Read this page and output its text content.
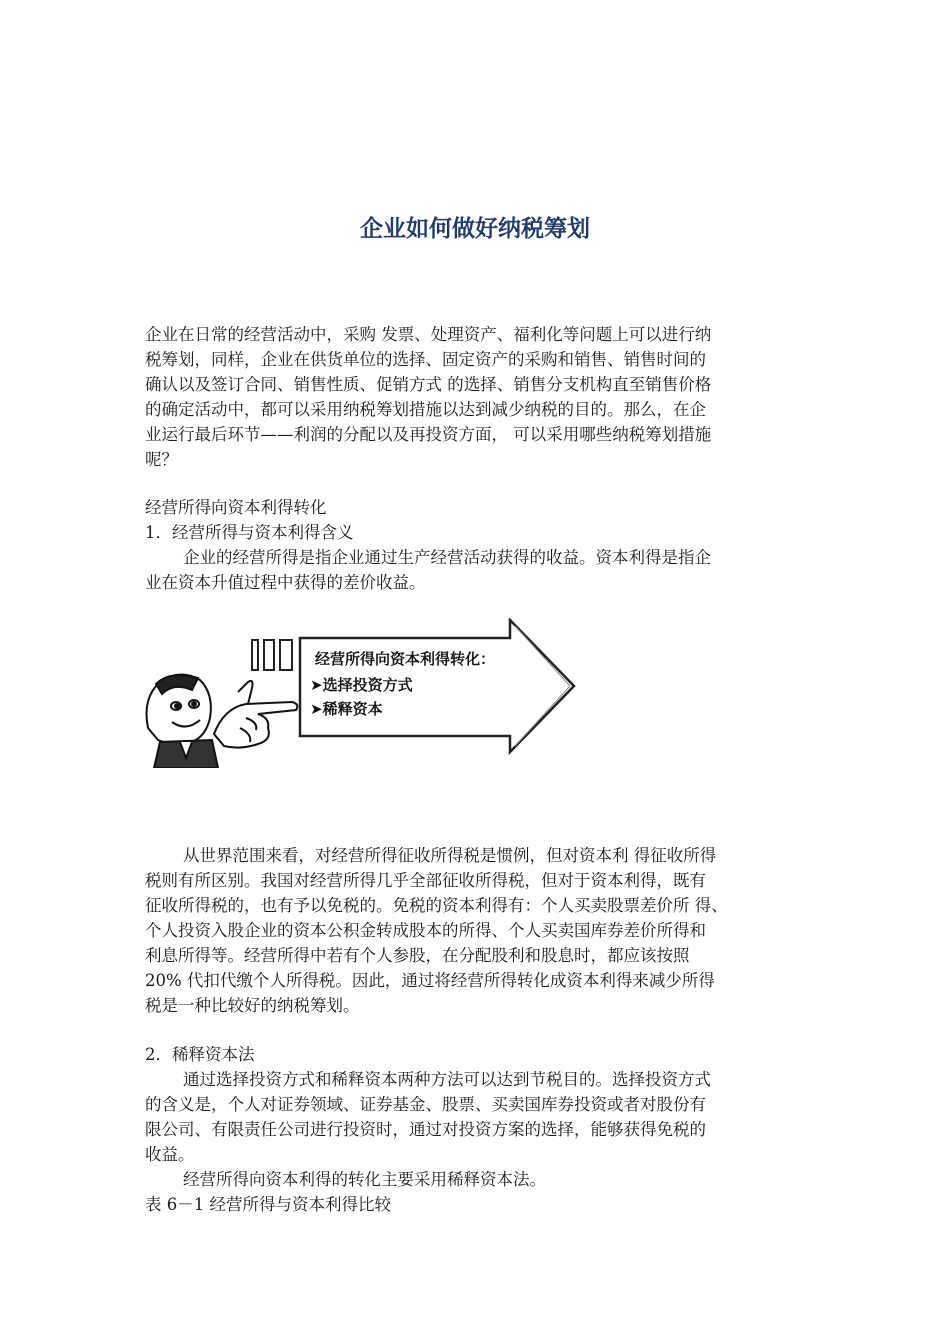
企业如何做好纳税筹划

企业在日常的经营活动中，采购 发票、处理资产、福利化等问题上可以进行纳

税筹划，同样，企业在供货单位的选择、固定资产的采购和销售、销售时间的

确认以及签订合同、销售性质、促销方式 的选择、销售分支机构直至销售价格

的确定活动中，都可以采用纳税筹划措施以达到减少纳税的目的。那么，在企

业运行最后环节——利润的分配以及再投资方面， 可以采用哪些纳税筹划措施

呢？

经营所得向资本利得转化

1．经营所得与资本利得含义

企业的经营所得是指企业通过生产经营活动获得的收益。资本利得是指企

业在资本升值过程中获得的差价收益。

经营所得向资本利得转化：
➤选择投资方式
➤稀释资本

从世界范围来看，对经营所得征收所得税是惯例，但对资本利 得征收所得

税则有所区别。我国对经营所得几乎全部征收所得税，但对于资本利得，既有

征收所得税的，也有予以免税的。免税的资本利得有：个人买卖股票差价所 得、

个人投资入股企业的资本公积金转成股本的所得、个人买卖国库券差价所得和

利息所得等。经营所得中若有个人参股，在分配股利和股息时，都应该按照

20% 代扣代缴个人所得税。因此，通过将经营所得转化成资本利得来减少所得

税是一种比较好的纳税筹划。

2．稀释资本法

通过选择投资方式和稀释资本两种方法可以达到节税目的。选择投资方式

的含义是，个人对证券领域、证券基金、股票、买卖国库券投资或者对股份有

限公司、有限责任公司进行投资时，通过对投资方案的选择，能够获得免税的

收益。

经营所得向资本利得的转化主要采用稀释资本法。

表 6－1 经营所得与资本利得比较
